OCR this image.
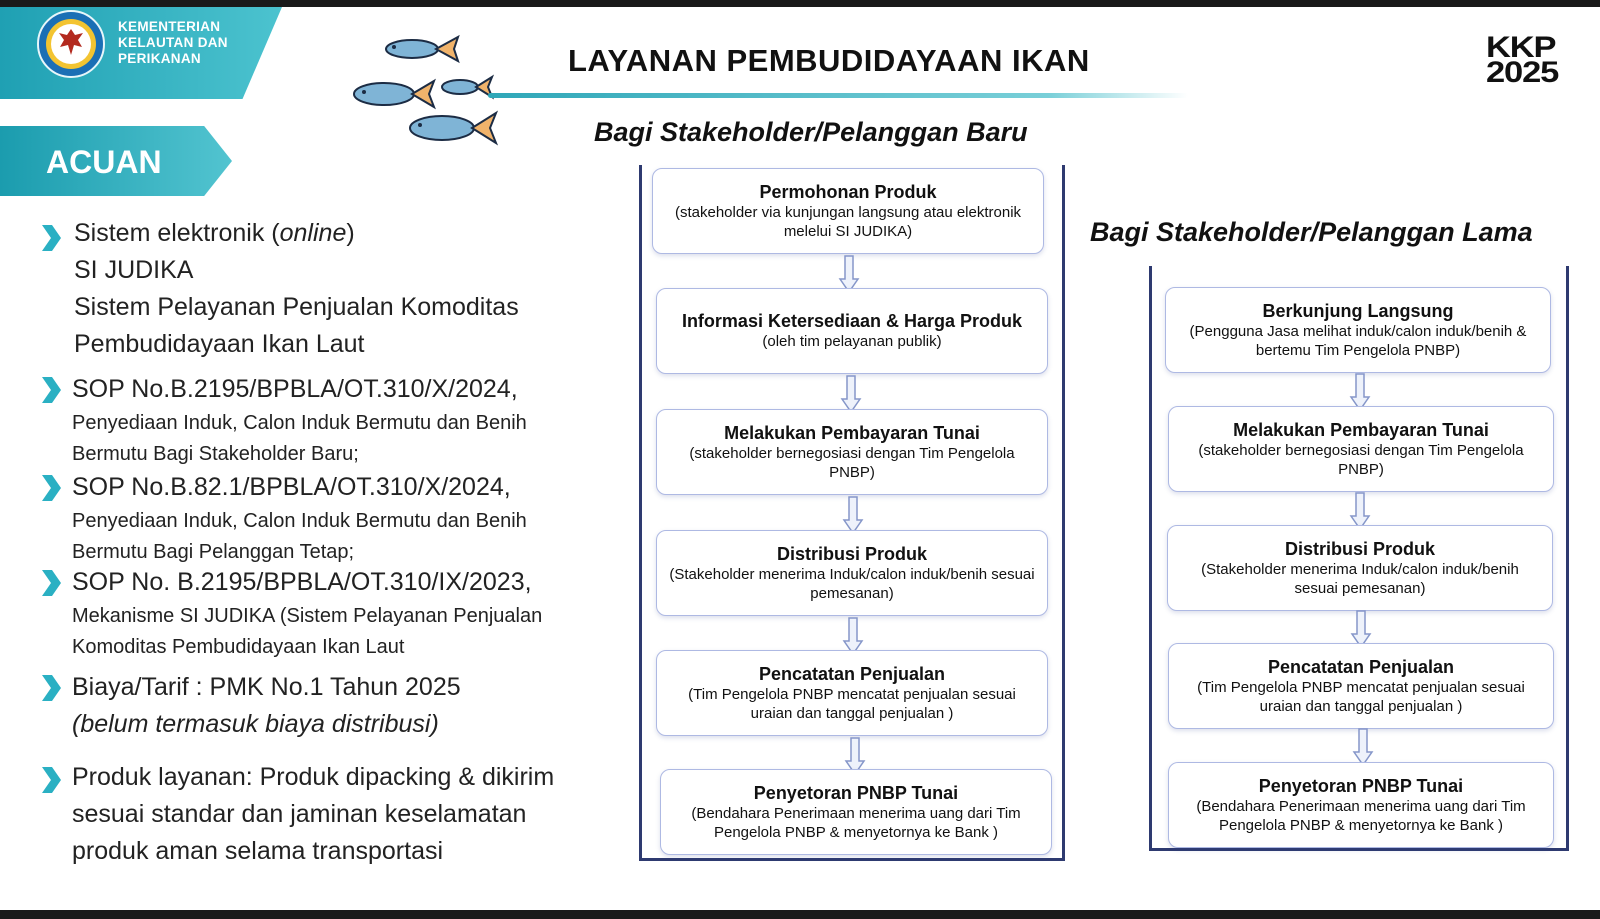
KEMENTERIAN
KELAUTAN DAN
PERIKANAN	LAYANAN PEMBUDIDAYAAN IKAN	KKP
2025
ACUAN
Sistem elektronik (online)
SI JUDIKA
Sistem Pelayanan Penjualan Komoditas
Pembudidayaan Ikan Laut
SOP No.B.2195/BPBLA/OT.310/X/2024,
Penyediaan Induk, Calon Induk Bermutu dan Benih
Bermutu Bagi Stakeholder Baru;
SOP No.B.82.1/BPBLA/OT.310/X/2024,
Penyediaan Induk, Calon Induk Bermutu dan Benih
Bermutu Bagi Pelanggan Tetap;
SOP No. B.2195/BPBLA/OT.310/IX/2023,
Mekanisme SI JUDIKA (Sistem Pelayanan Penjualan
Komoditas Pembudidayaan Ikan Laut
Biaya/Tarif : PMK No.1 Tahun 2025
(belum termasuk biaya distribusi)
Produk layanan: Produk dipacking & dikirim
sesuai standar dan jaminan keselamatan
produk aman selama transportasi
Bagi Stakeholder/Pelanggan Baru
Permohonan Produk
(stakeholder via kunjungan langsung atau elektronik melelui SI JUDIKA)
Informasi Ketersediaan & Harga Produk
(oleh tim pelayanan publik)
Melakukan Pembayaran Tunai
(stakeholder bernegosiasi dengan Tim Pengelola PNBP)
Distribusi Produk
(Stakeholder menerima Induk/calon induk/benih sesuai pemesanan)
Pencatatan Penjualan
(Tim Pengelola PNBP mencatat penjualan sesuai uraian dan tanggal penjualan )
Penyetoran PNBP Tunai
(Bendahara Penerimaan menerima uang dari Tim Pengelola PNBP & menyetornya ke Bank )
Bagi Stakeholder/Pelanggan Lama
Berkunjung Langsung
(Pengguna Jasa melihat induk/calon induk/benih & bertemu Tim Pengelola PNBP)
Melakukan Pembayaran Tunai
(stakeholder bernegosiasi dengan Tim Pengelola PNBP)
Distribusi Produk
(Stakeholder menerima Induk/calon induk/benih sesuai pemesanan)
Pencatatan Penjualan
(Tim Pengelola PNBP mencatat penjualan sesuai uraian dan tanggal penjualan )
Penyetoran PNBP Tunai
(Bendahara Penerimaan menerima uang dari Tim Pengelola PNBP & menyetornya ke Bank )
